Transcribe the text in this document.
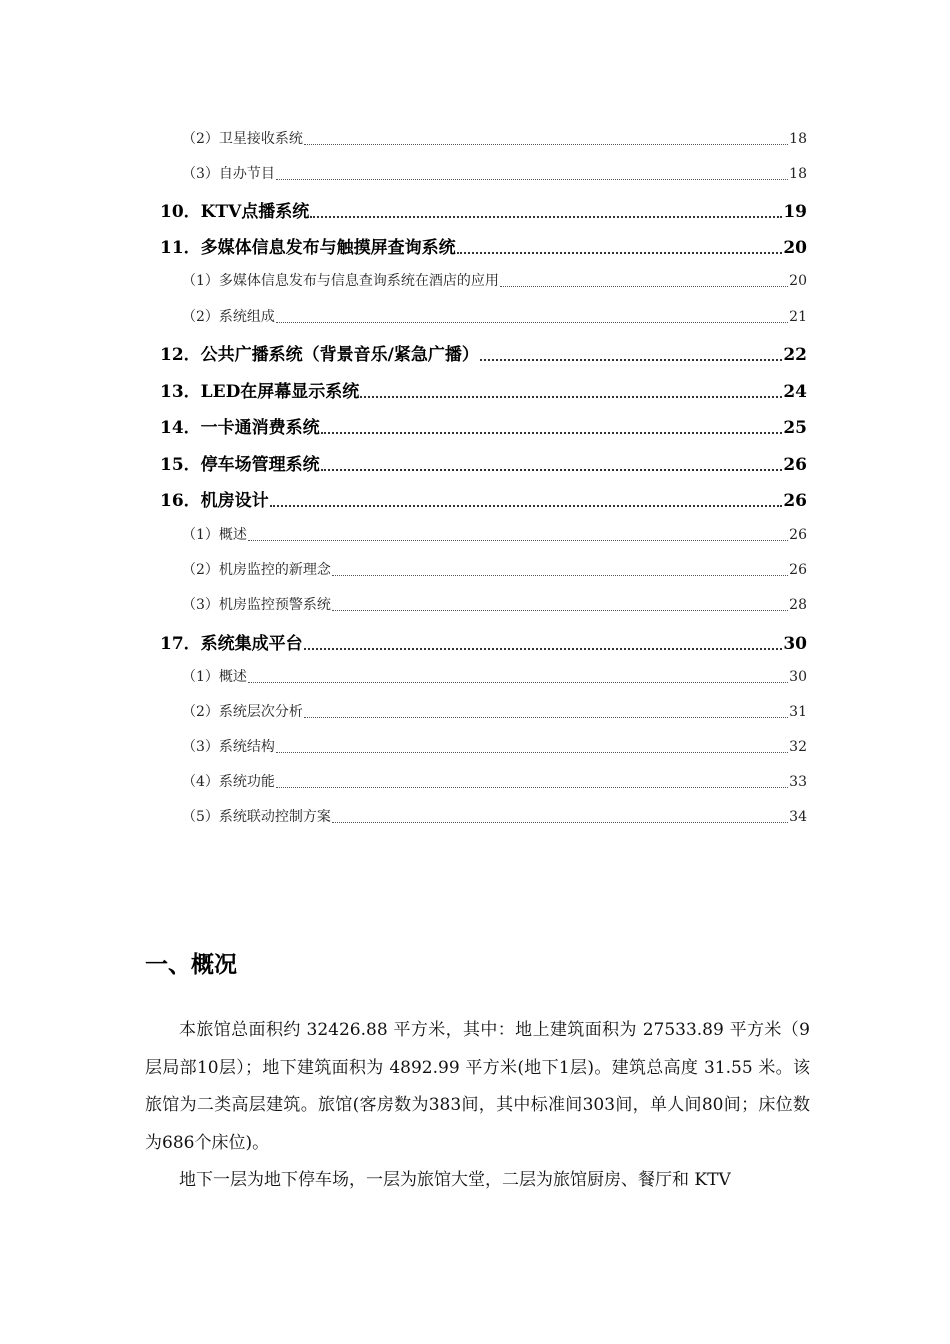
（2）卫星接收系统	18
（3）自办节目	18
10．KTV点播系统	19
11．多媒体信息发布与触摸屏查询系统	20
（1）多媒体信息发布与信息查询系统在酒店的应用	20
（2）系统组成	21
12．公共广播系统（背景音乐/紧急广播）	22
13．LED在屏幕显示系统	24
14．一卡通消费系统	25
15．停车场管理系统	26
16．机房设计	26
（1）概述	26
（2）机房监控的新理念	26
（3）机房监控预警系统	28
17．系统集成平台	30
（1）概述	30
（2）系统层次分析	31
（3）系统结构	32
（4）系统功能	33
（5）系统联动控制方案	34
一、概况

本旅馆总面积约 32426.88 平方米，其中：地上建筑面积为 27533.89 平方米（9层局部10层）；地下建筑面积为 4892.99 平方米(地下1层)。建筑总高度 31.55 米。该旅馆为二类高层建筑。旅馆(客房数为383间，其中标准间303间，单人间80间；床位数为686个床位)。

地下一层为地下停车场，一层为旅馆大堂，二层为旅馆厨房、餐厅和 KTV
